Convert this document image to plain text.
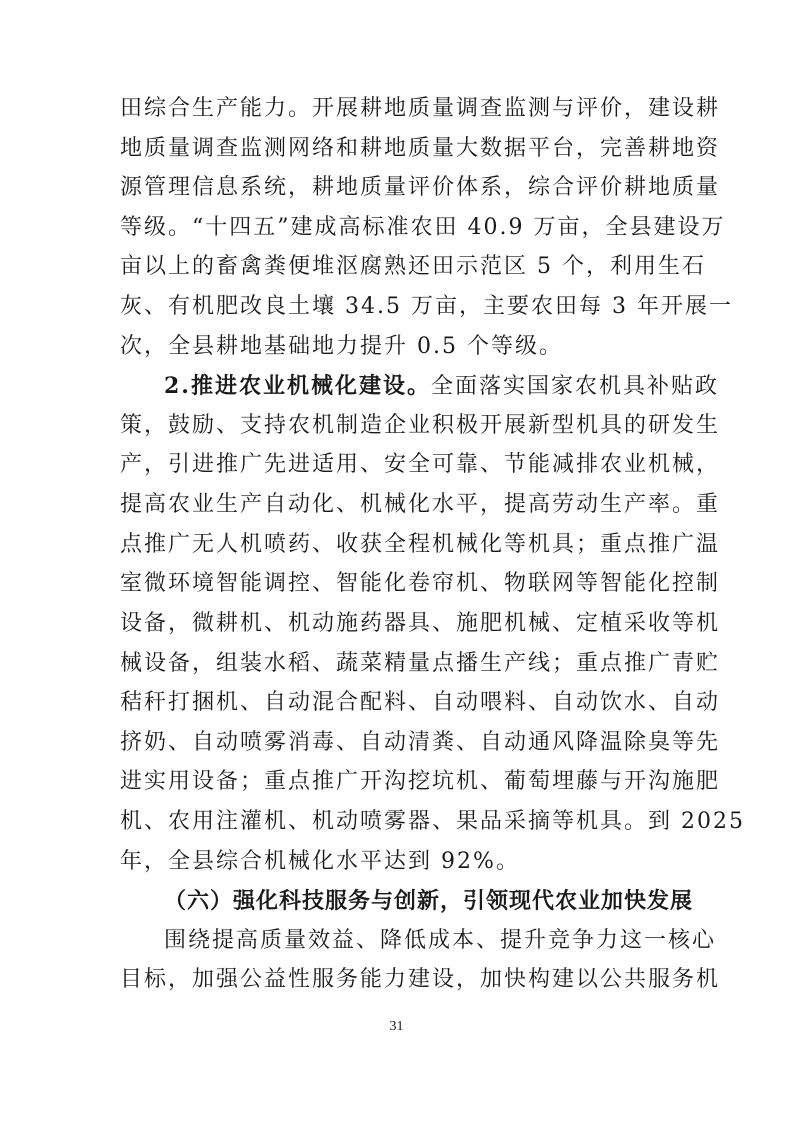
田综合生产能力。开展耕地质量调查监测与评价，建设耕
地质量调查监测网络和耕地质量大数据平台，完善耕地资
源管理信息系统，耕地质量评价体系，综合评价耕地质量
等级。“十四五”建成高标准农田 40.9 万亩，全县建设万
亩以上的畜禽粪便堆沤腐熟还田示范区 5 个，利用生石
灰、有机肥改良土壤 34.5 万亩，主要农田每 3 年开展一
次，全县耕地基础地力提升 0.5 个等级。
2.推进农业机械化建设。全面落实国家农机具补贴政
策，鼓励、支持农机制造企业积极开展新型机具的研发生
产，引进推广先进适用、安全可靠、节能减排农业机械，
提高农业生产自动化、机械化水平，提高劳动生产率。重
点推广无人机喷药、收获全程机械化等机具；重点推广温
室微环境智能调控、智能化卷帘机、物联网等智能化控制
设备，微耕机、机动施药器具、施肥机械、定植采收等机
械设备，组装水稻、蔬菜精量点播生产线；重点推广青贮
秸秆打捆机、自动混合配料、自动喂料、自动饮水、自动
挤奶、自动喷雾消毒、自动清粪、自动通风降温除臭等先
进实用设备；重点推广开沟挖坑机、葡萄埋藤与开沟施肥
机、农用注灌机、机动喷雾器、果品采摘等机具。到 2025
年，全县综合机械化水平达到 92%。
（六）强化科技服务与创新，引领现代农业加快发展
31
围绕提高质量效益、降低成本、提升竞争力这一核心
目标，加强公益性服务能力建设，加快构建以公共服务机
